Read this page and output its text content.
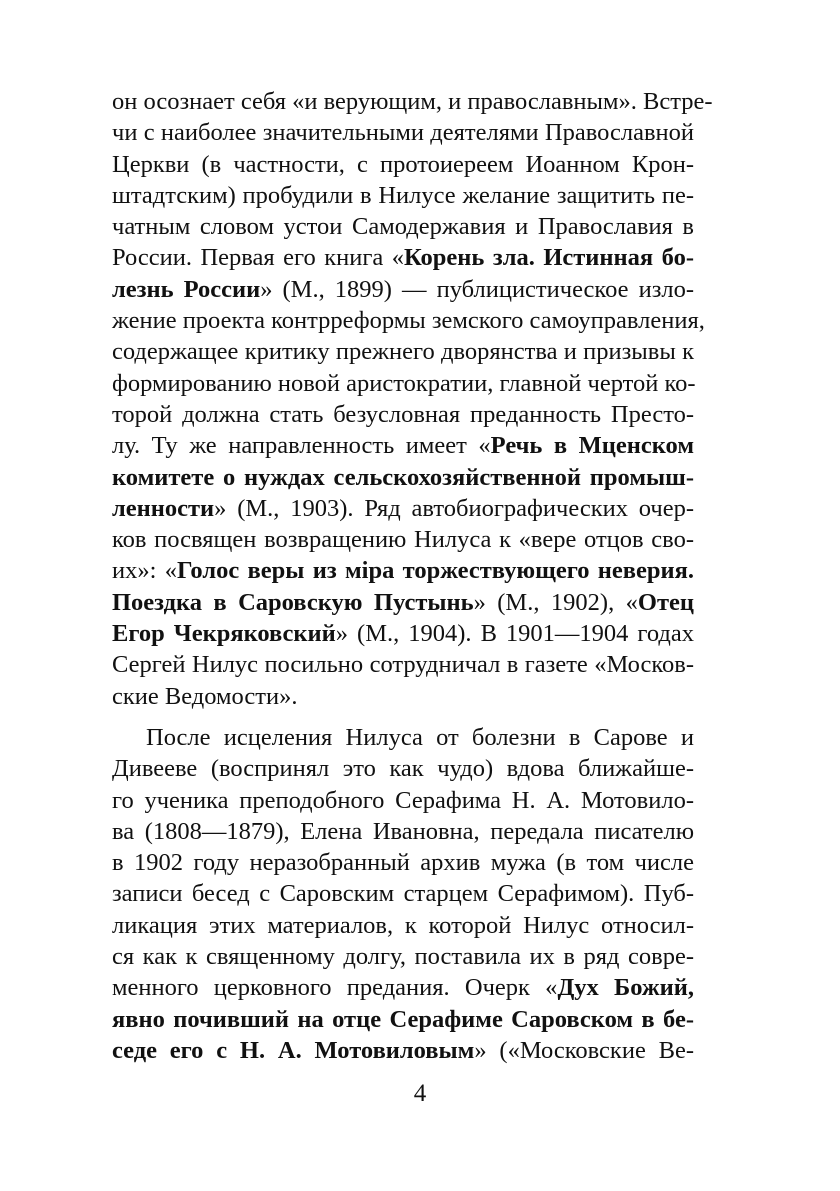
он осознает себя «и верующим, и православным». Встре-
чи с наиболее значительными деятелями Православной
Церкви (в частности, с протоиереем Иоанном Крон-
штадтским) пробудили в Нилусе желание защитить пе-
чатным словом устои Самодержавия и Православия в
России. Первая его книга «Корень зла. Истинная бо-
лезнь России» (М., 1899) — публицистическое изло-
жение проекта контрреформы земского самоуправления,
содержащее критику прежнего дворянства и призывы к
формированию новой аристократии, главной чертой ко-
торой должна стать безусловная преданность Престо-
лу. Ту же направленность имеет «Речь в Мценском
комитете о нуждах сельскохозяйственной промыш-
ленности» (М., 1903). Ряд автобиографических очер-
ков посвящен возвращению Нилуса к «вере отцов сво-
их»: «Голос веры из міра торжествующего неверия.
Поездка в Саровскую Пустынь» (М., 1902), «Отец
Егор Чекряковский» (М., 1904). В 1901—1904 годах
Сергей Нилус посильно сотрудничал в газете «Москов-
ские Ведомости».
После исцеления Нилуса от болезни в Сарове и
Дивееве (воспринял это как чудо) вдова ближайше-
го ученика преподобного Серафима Н. А. Мотовило-
ва (1808—1879), Елена Ивановна, передала писателю
в 1902 году неразобранный архив мужа (в том числе
записи бесед с Саровским старцем Серафимом). Пуб-
ликация этих материалов, к которой Нилус относил-
ся как к священному долгу, поставила их в ряд совре-
менного церковного предания. Очерк «Дух Божий,
явно почивший на отце Серафиме Саровском в бе-
седе его с Н. А. Мотовиловым» («Московские Ве-
4
